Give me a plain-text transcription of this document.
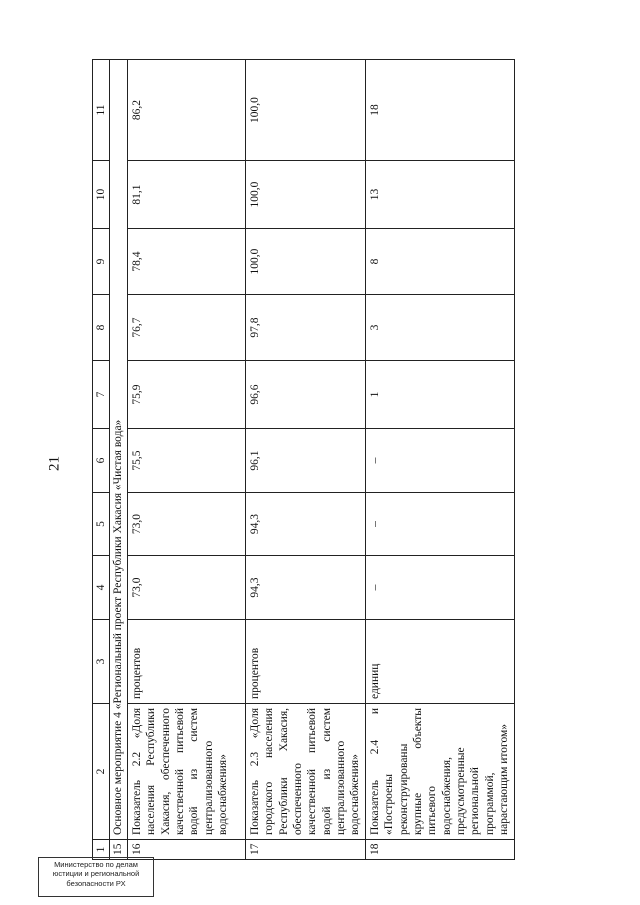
21
1	2	3	4	5	6	7	8	9	10	11
15	Основное мероприятие 4 «Региональный проект Республики Хакасия «Чистая вода»									
16	Показатель 2.2 «Доля населения Республики Хакасия, обеспеченного качественной питьевой водой из систем централизованного водоснабжения»	процентов	73,0	73,0	75,5	75,9	76,7	78,4	81,1	86,2
17	Показатель 2.3 «Доля городского населения Республики Хакасия, обеспеченного качественной питьевой водой из систем централизованного водоснабжения»	процентов	94,3	94,3	96,1	96,6	97,8	100,0	100,0	100,0
18	Показатель 2.4 и «Построены реконструированы крупные объекты питьевого водоснабжения, предусмотренные региональной программой, нарастающим итогом»	единиц	–	–	–	1	3	8	13	18
Министерство по делам
юстиции и региональной
безопасности РХ
